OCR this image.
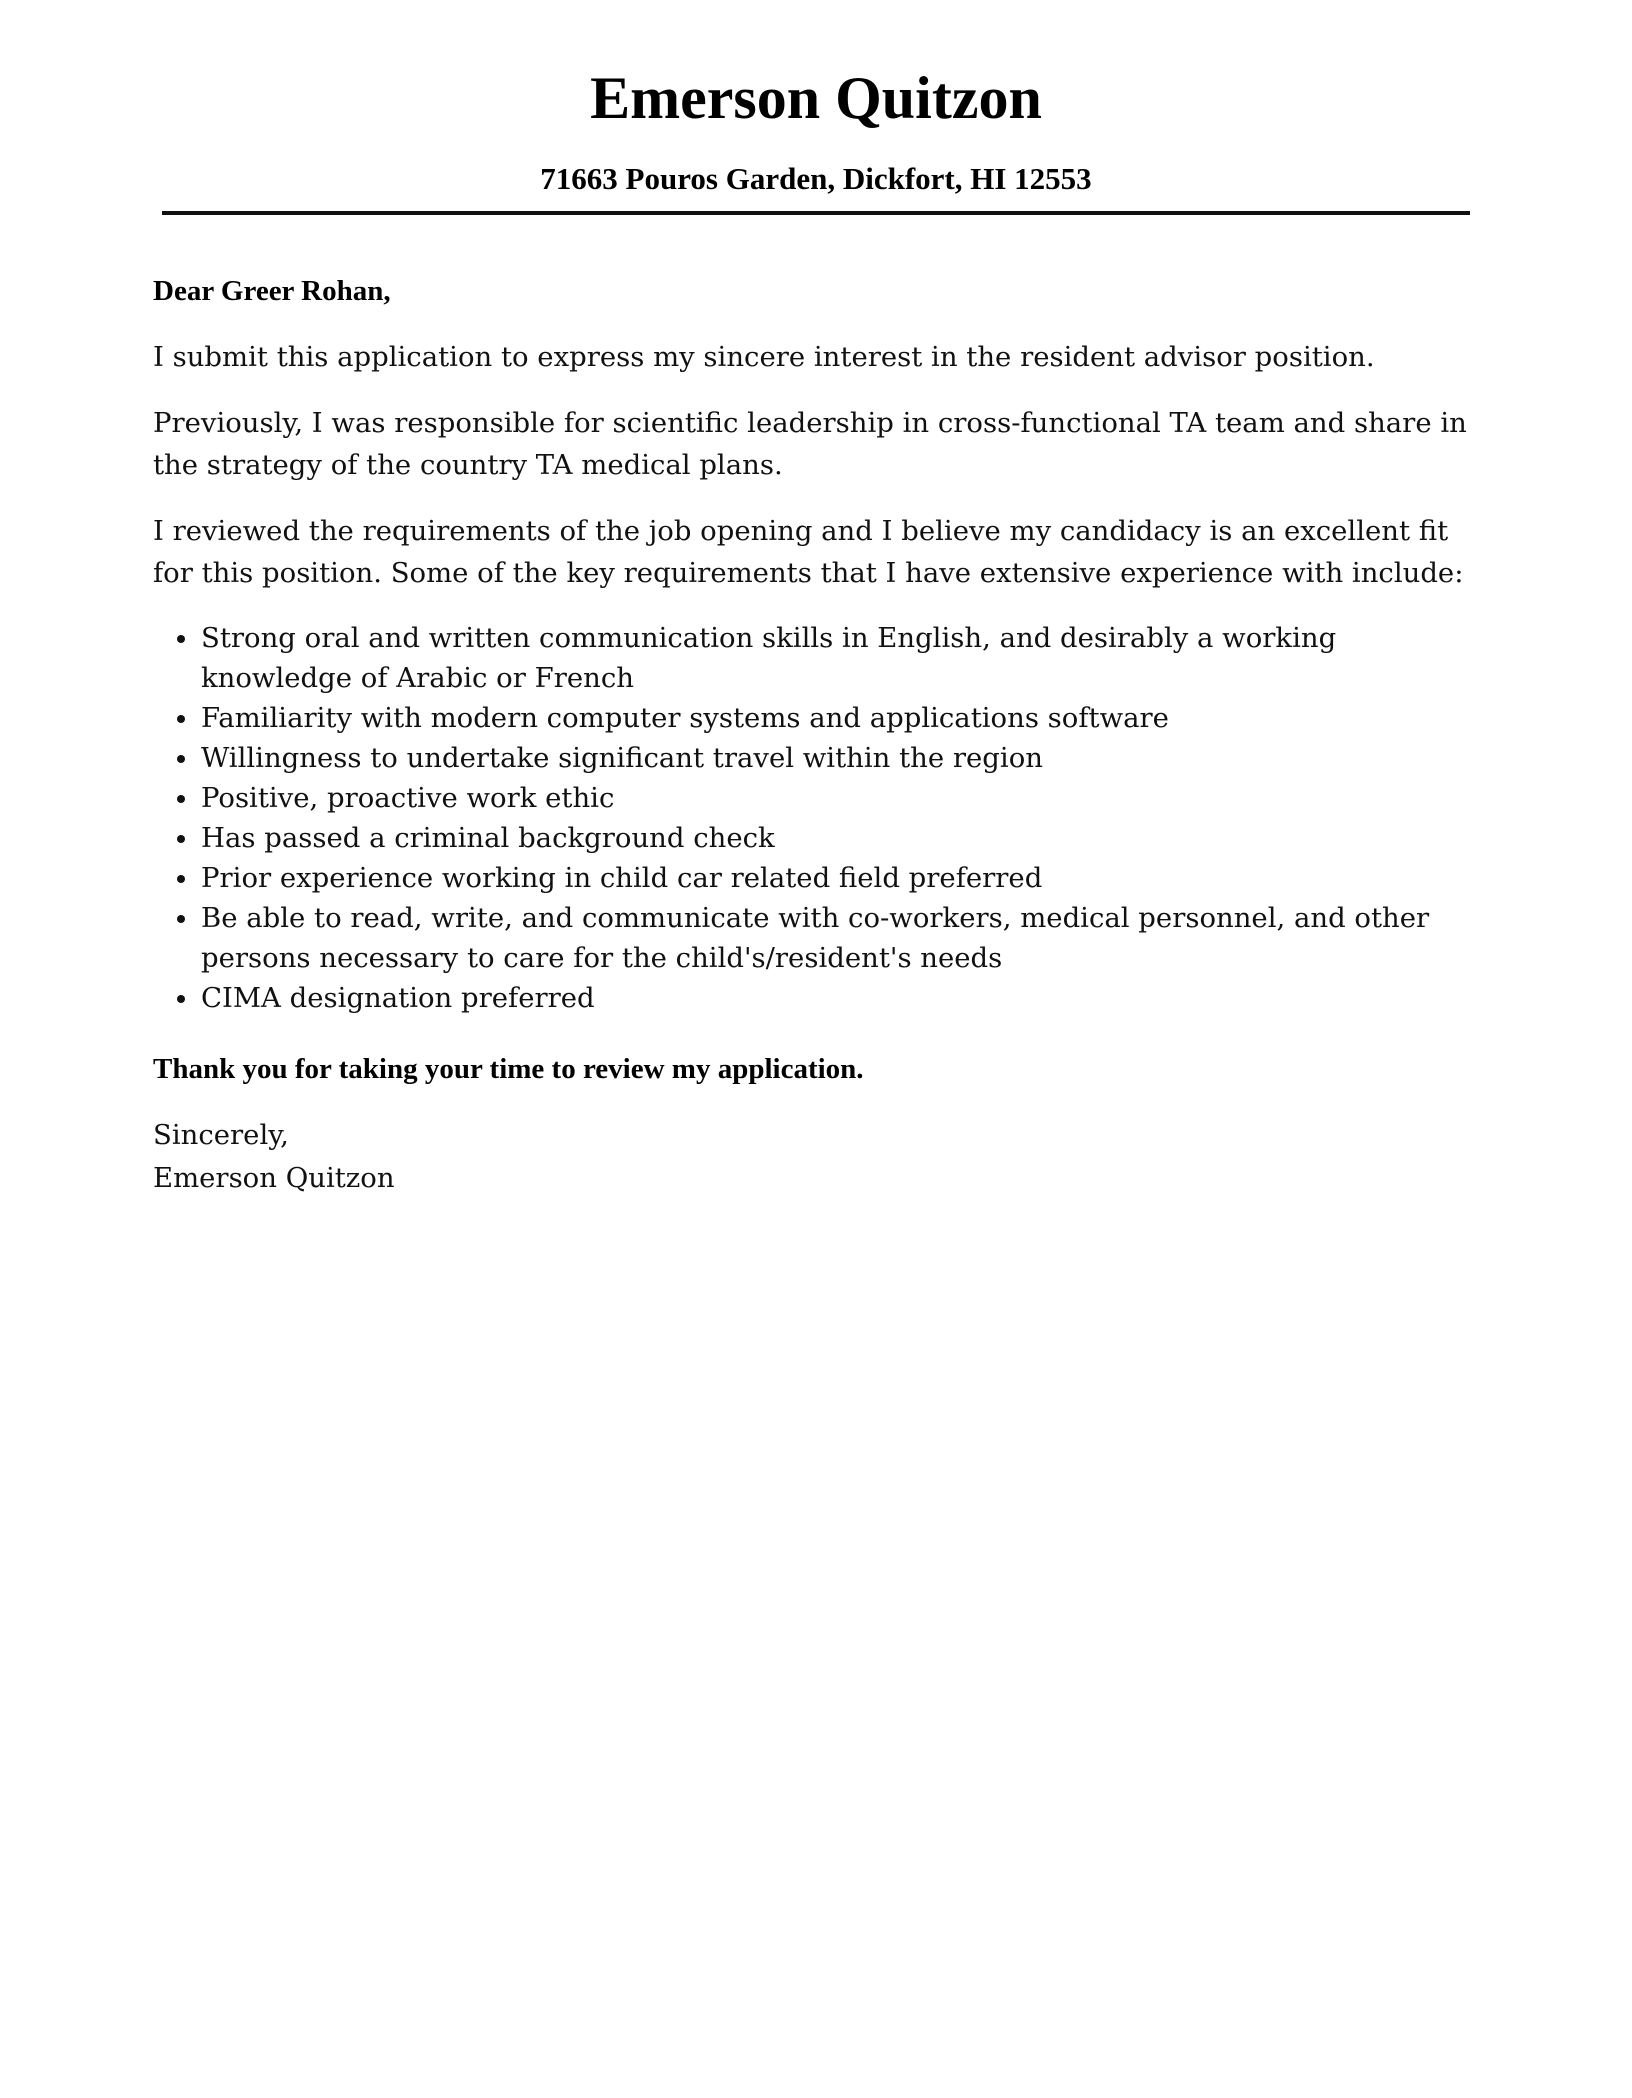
Emerson Quitzon
71663 Pouros Garden, Dickfort, HI 12553
Dear Greer Rohan,

I submit this application to express my sincere interest in the resident advisor position.

Previously, I was responsible for scientific leadership in cross-functional TA team and share in the strategy of the country TA medical plans.

I reviewed the requirements of the job opening and I believe my candidacy is an excellent fit for this position. Some of the key requirements that I have extensive experience with include:

Strong oral and written communication skills in English, and desirably a working knowledge of Arabic or French
Familiarity with modern computer systems and applications software
Willingness to undertake significant travel within the region
Positive, proactive work ethic
Has passed a criminal background check
Prior experience working in child car related field preferred
Be able to read, write, and communicate with co-workers, medical personnel, and other persons necessary to care for the child's/resident's needs
CIMA designation preferred
Thank you for taking your time to review my application.
Sincerely,
Emerson Quitzon
